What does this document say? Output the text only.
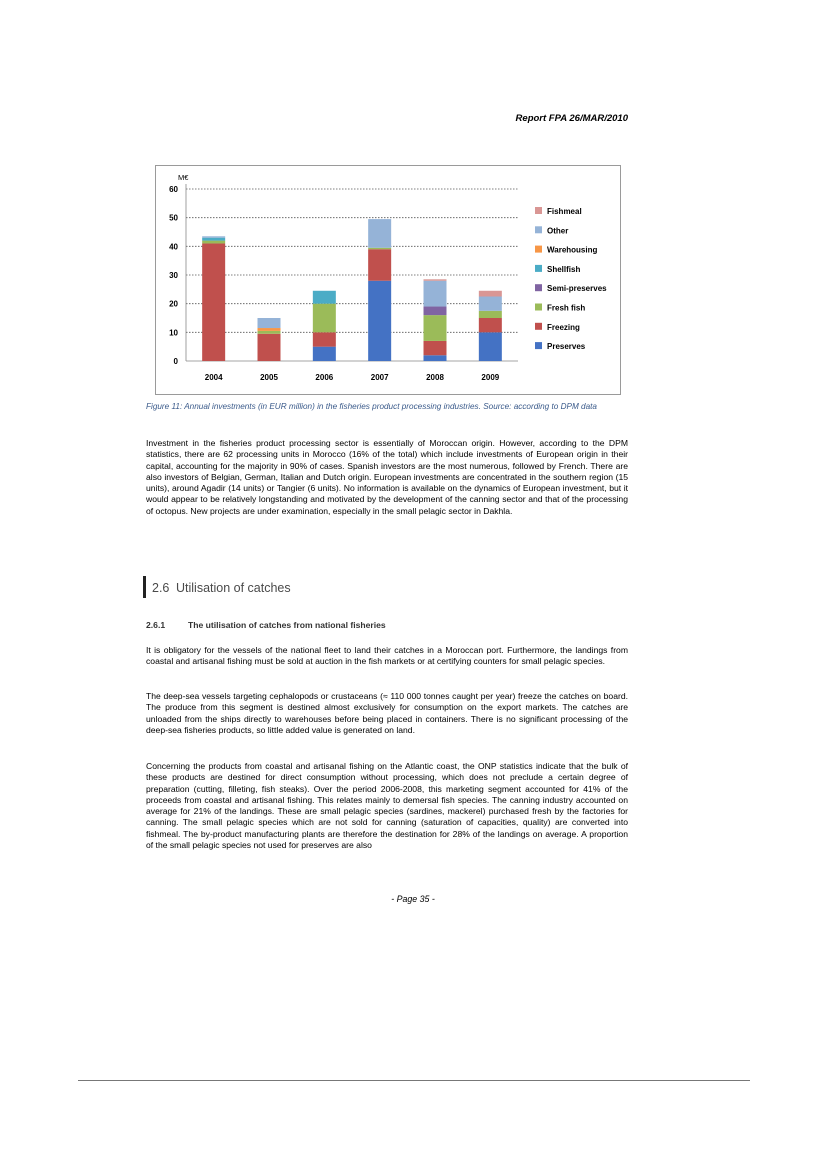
Report FPA 26/MAR/2010
0
10
20
30
40
50
60
M€
2004	2005	2006	2007	2008	2009
Fishmeal
Other
Warehousing
Shellfish
Semi-preserves
Fresh fish
Freezing
Preserves
Figure 11: Annual investments (in EUR million) in the fisheries product processing industries. Source: according to DPM data

Investment in the fisheries product processing sector is essentially of Moroccan origin. However, according to the DPM statistics, there are 62 processing units in Morocco (16% of the total) which include investments of European origin in their capital, accounting for the majority in 90% of cases. Spanish investors are the most numerous, followed by French. There are also investors of Belgian, German, Italian and Dutch origin. European investments are concentrated in the southern region (15 units), around Agadir (14 units) or Tangier (6 units). No information is available on the dynamics of European investment, but it would appear to be relatively longstanding and motivated by the development of the canning sector and that of the processing of octopus. New projects are under examination, especially in the small pelagic sector in Dakhla.

2.6 Utilisation of catches
2.6.1	The utilisation of catches from national fisheries

It is obligatory for the vessels of the national fleet to land their catches in a Moroccan port. Furthermore, the landings from coastal and artisanal fishing must be sold at auction in the fish markets or at certifying counters for small pelagic species.

The deep-sea vessels targeting cephalopods or crustaceans (≈ 110 000 tonnes caught per year) freeze the catches on board. The produce from this segment is destined almost exclusively for consumption on the export markets. The catches are unloaded from the ships directly to warehouses before being placed in containers. There is no significant processing of the deep-sea fisheries products, so little added value is generated on land.

Concerning the products from coastal and artisanal fishing on the Atlantic coast, the ONP statistics indicate that the bulk of these products are destined for direct consumption without processing, which does not preclude a certain degree of preparation (cutting, filleting, fish steaks). Over the period 2006-2008, this marketing segment accounted for 41% of the proceeds from coastal and artisanal fishing. This relates mainly to demersal fish species. The canning industry accounted on average for 21% of the landings. These are small pelagic species (sardines, mackerel) purchased fresh by the factories for canning. The small pelagic species which are not sold for canning (saturation of capacities, quality) are converted into fishmeal. The by-product manufacturing plants are therefore the destination for 28% of the landings on average. A proportion of the small pelagic species not used for preserves are also

- Page 35 -
